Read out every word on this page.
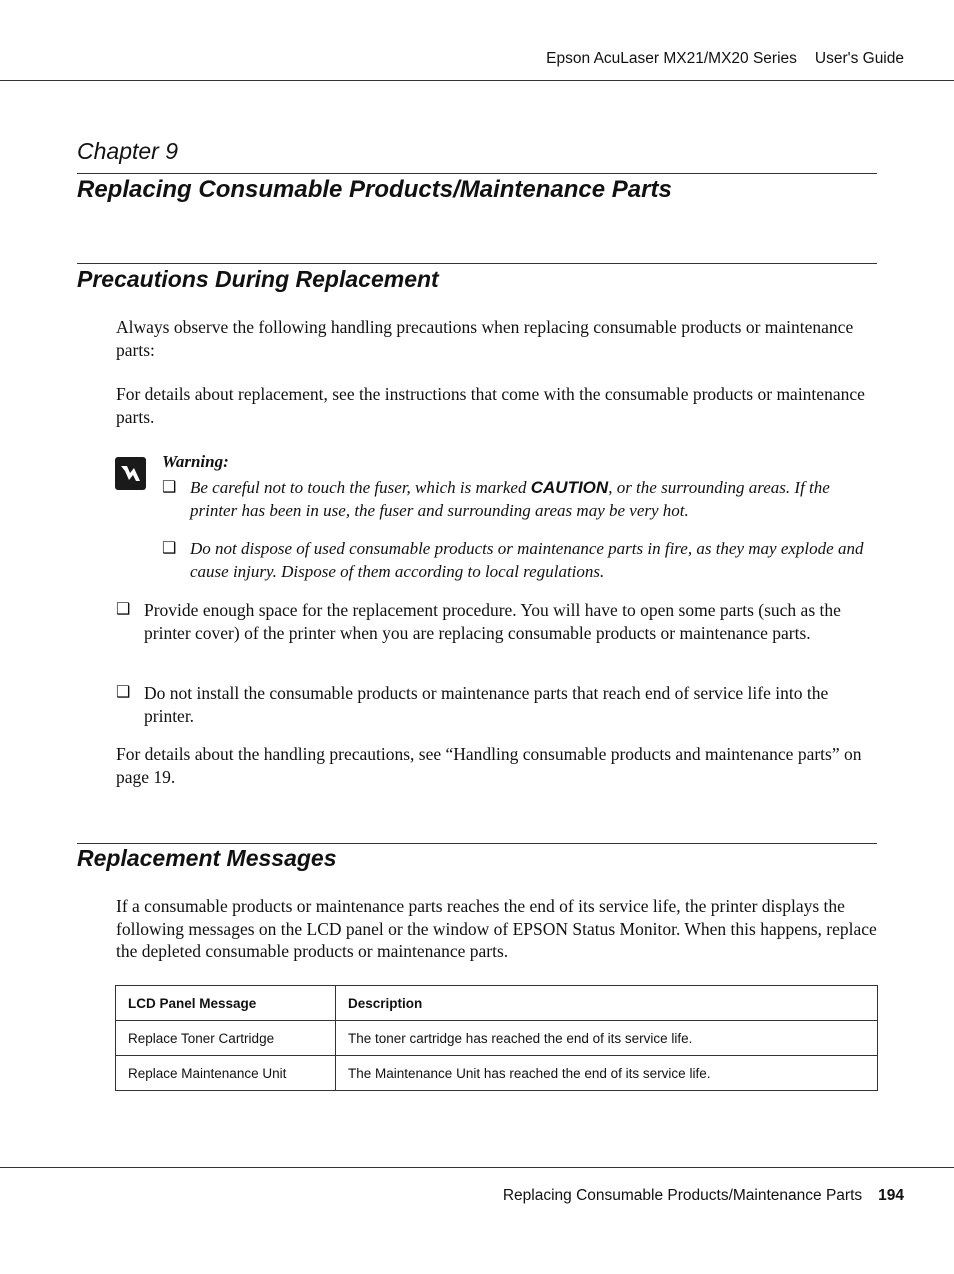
Epson AcuLaser MX21/MX20 Series User's Guide
Chapter 9
Replacing Consumable Products/Maintenance Parts
Precautions During Replacement
Always observe the following handling precautions when replacing consumable products or maintenance parts:
For details about replacement, see the instructions that come with the consumable products or maintenance parts.
Warning:
❑ Be careful not to touch the fuser, which is marked CAUTION, or the surrounding areas. If the printer has been in use, the fuser and surrounding areas may be very hot.
❑ Do not dispose of used consumable products or maintenance parts in fire, as they may explode and cause injury. Dispose of them according to local regulations.
❑ Provide enough space for the replacement procedure. You will have to open some parts (such as the printer cover) of the printer when you are replacing consumable products or maintenance parts.
❑ Do not install the consumable products or maintenance parts that reach end of service life into the printer.
For details about the handling precautions, see “Handling consumable products and maintenance parts” on page 19.
Replacement Messages
If a consumable products or maintenance parts reaches the end of its service life, the printer displays the following messages on the LCD panel or the window of EPSON Status Monitor. When this happens, replace the depleted consumable products or maintenance parts.
LCD Panel Message	Description
Replace Toner Cartridge	The toner cartridge has reached the end of its service life.
Replace Maintenance Unit	The Maintenance Unit has reached the end of its service life.
Replacing Consumable Products/Maintenance Parts 194
